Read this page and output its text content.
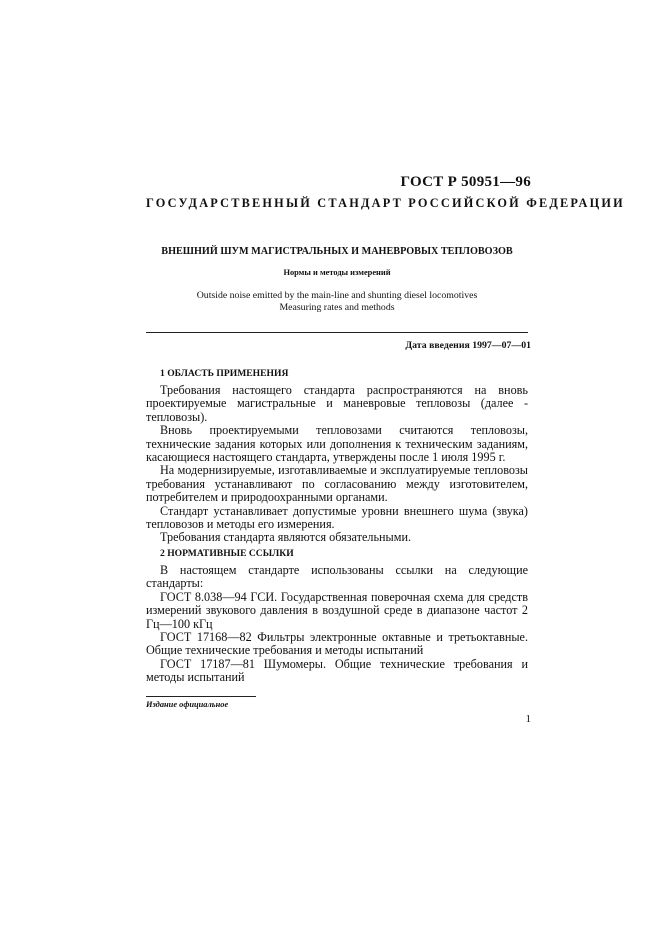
ГОСТ Р 50951—96
ГОСУДАРСТВЕННЫЙ СТАНДАРТ РОССИЙСКОЙ ФЕДЕРАЦИИ
ВНЕШНИЙ ШУМ МАГИСТРАЛЬНЫХ И МАНЕВРОВЫХ ТЕПЛОВОЗОВ
Нормы и методы измерений
Outside noise emitted by the main-line and shunting diesel locomotives
Measuring rates and methods
Дата введения 1997—07—01
1 ОБЛАСТЬ ПРИМЕНЕНИЯ

Требования настоящего стандарта распространяются на вновь проектируемые магистральные и маневровые тепловозы (далее - тепловозы).

Вновь проектируемыми тепловозами считаются тепловозы, технические задания которых или дополнения к техническим заданиям, касающиеся настоящего стандарта, утверждены после 1 июля 1995 г.

На модернизируемые, изготавливаемые и эксплуатируемые тепловозы требования устанавливают по согласованию между изготовителем, потребителем и природоохранными органами.

Стандарт устанавливает допустимые уровни внешнего шума (звука) тепловозов и методы его измерения.

Требования стандарта являются обязательными.

2 НОРМАТИВНЫЕ ССЫЛКИ

В настоящем стандарте использованы ссылки на следующие стандарты:

ГОСТ 8.038—94 ГСИ. Государственная поверочная схема для средств измерений звукового давления в воздушной среде в диапазоне частот 2 Гц—100 кГц

ГОСТ 17168—82 Фильтры электронные октавные и третьоктавные. Общие технические требования и методы испытаний

ГОСТ 17187—81 Шумомеры. Общие технические требования и методы испытаний

Издание официальное
1
